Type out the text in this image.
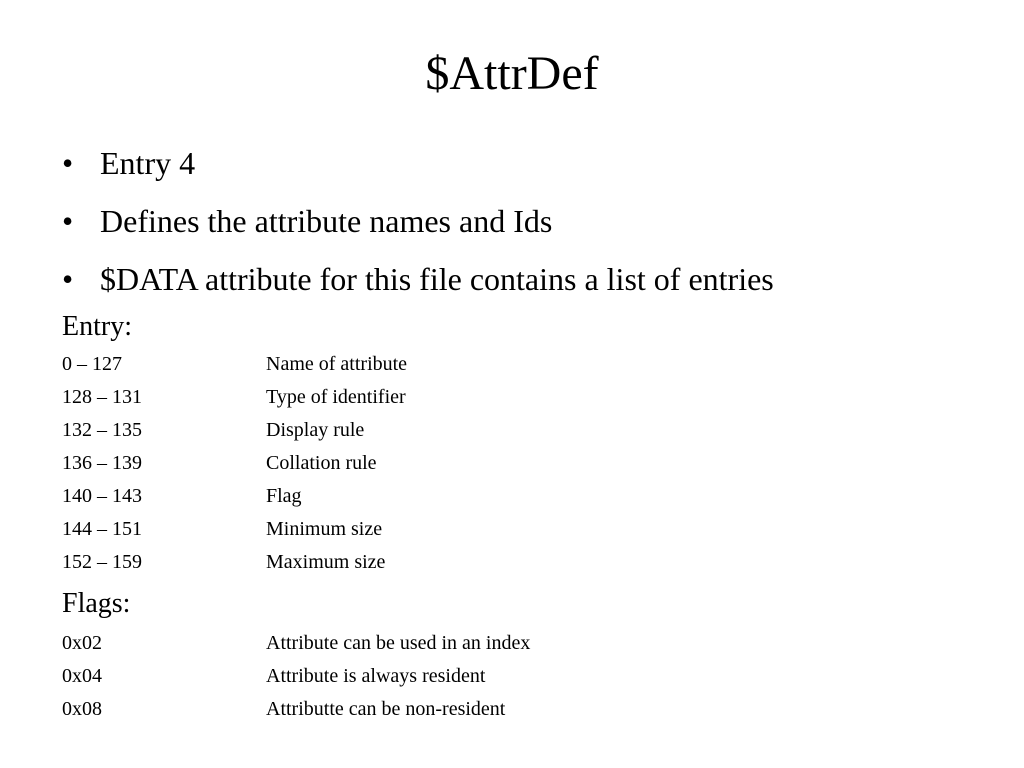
$AttrDef
• Entry 4
• Defines the attribute names and Ids
• $DATA attribute for this file contains a list of entries
Entry:
0 – 127	Name of attribute
128 – 131	Type of identifier
132 – 135	Display rule
136 – 139	Collation rule
140 – 143	Flag
144 – 151	Minimum size
152 – 159	Maximum size
Flags:
0x02	Attribute can be used in an index
0x04	Attribute is always resident
0x08	Attributte can be non-resident
